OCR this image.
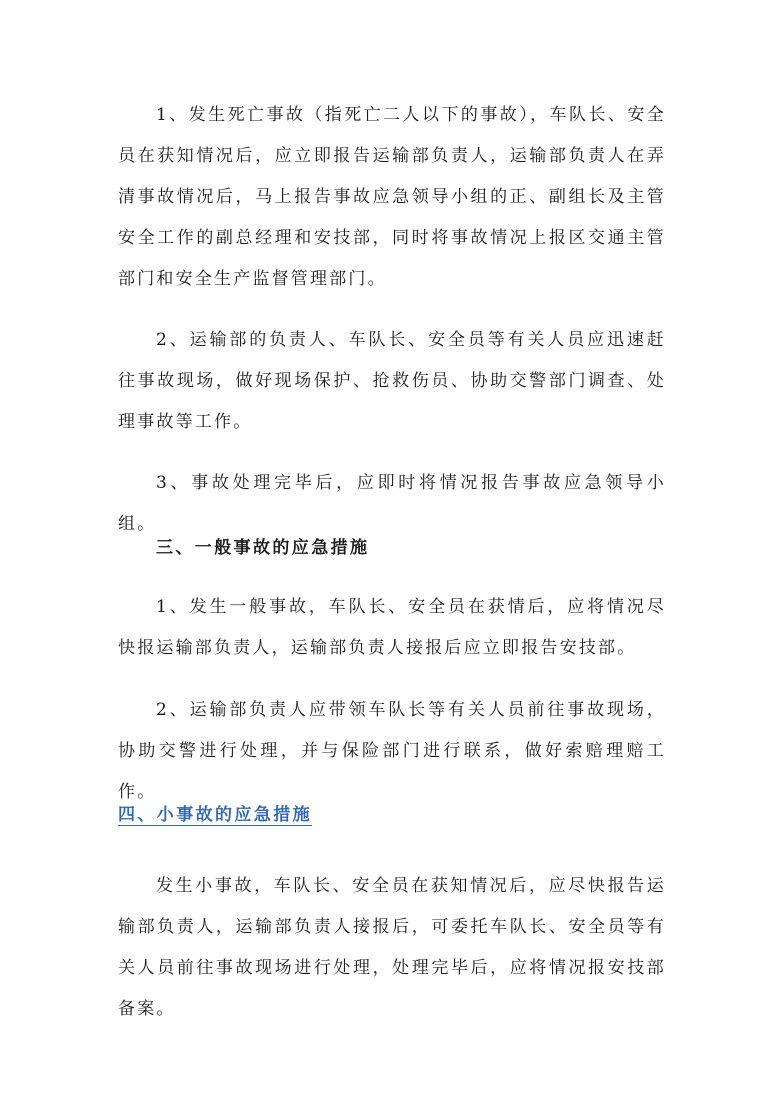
1、发生死亡事故（指死亡二人以下的事故），车队长、安全员在获知情况后，应立即报告运输部负责人，运输部负责人在弄清事故情况后，马上报告事故应急领导小组的正、副组长及主管安全工作的副总经理和安技部，同时将事故情况上报区交通主管部门和安全生产监督管理部门。

2、运输部的负责人、车队长、安全员等有关人员应迅速赶往事故现场，做好现场保护、抢救伤员、协助交警部门调查、处理事故等工作。

3、事故处理完毕后，应即时将情况报告事故应急领导小组。

三、一般事故的应急措施

1、发生一般事故，车队长、安全员在获情后，应将情况尽快报运输部负责人，运输部负责人接报后应立即报告安技部。

2、运输部负责人应带领车队长等有关人员前往事故现场，协助交警进行处理，并与保险部门进行联系，做好索赔理赔工作。

四、小事故的应急措施

发生小事故，车队长、安全员在获知情况后，应尽快报告运输部负责人，运输部负责人接报后，可委托车队长、安全员等有关人员前往事故现场进行处理，处理完毕后，应将情况报安技部备案。
